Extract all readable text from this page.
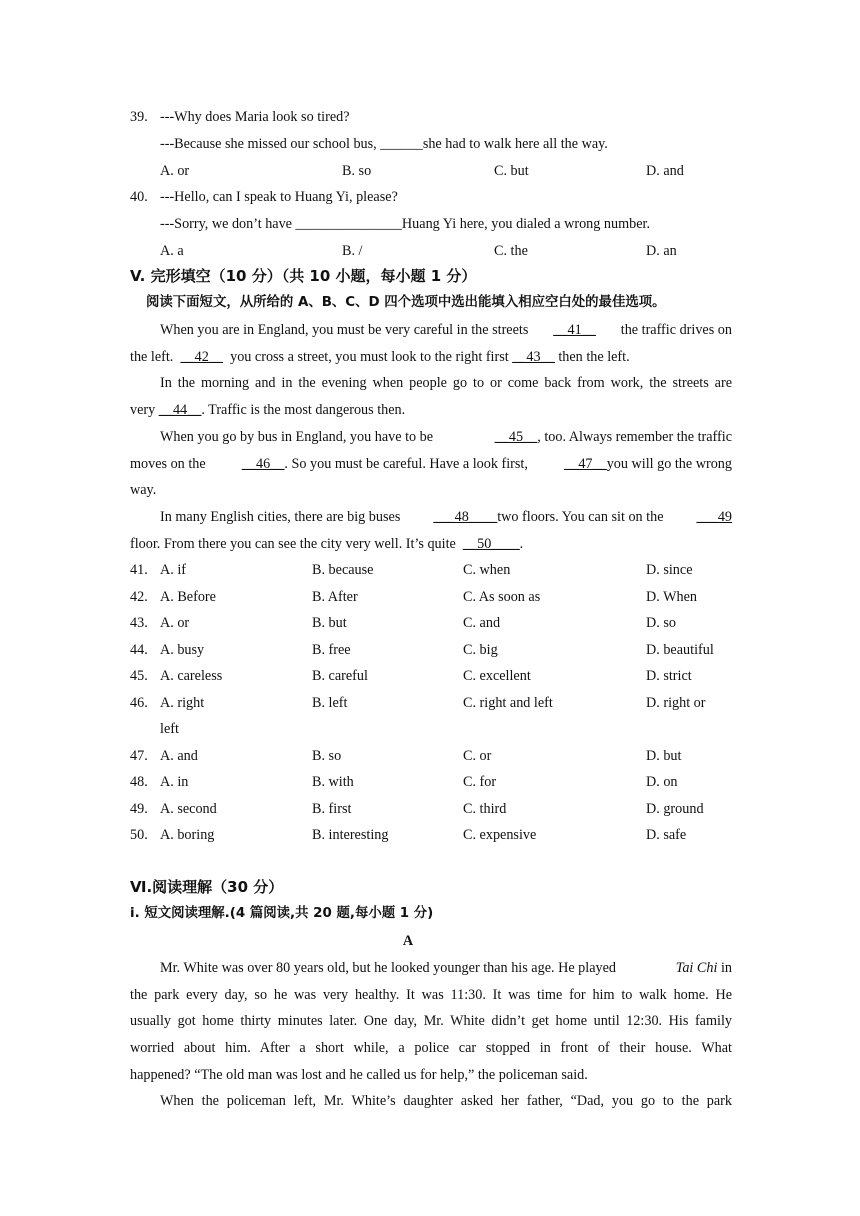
39. ---Why does Maria look so tired?
---Because she missed our school bus, ______she had to walk here all the way.
A. or	B. so	C. but	D. and
40. ---Hello, can I speak to Huang Yi, please?
---Sorry, we don’t have _______________Huang Yi here, you dialed a wrong number.
A. a	B. /	C. the	D. an
V. 完形填空（10 分）（共 10 小题，每小题 1 分）
阅读下面短文，从所给的 A、B、C、D 四个选项中选出能填入相应空白处的最佳选项。
When you are in England, you must be very careful in the streets __41__ the traffic drives on
the left. __42__ you cross a street, you must look to the right first __43__ then the left.
In the morning and in the evening when people go to or come back from work, the streets are
very __44__. Traffic is the most dangerous then.
When you go by bus in England, you have to be	__45__, too. Always remember the traffic
moves on the	__46__. So you must be careful. Have a look first,	__47__you will go the wrong
way.
In many English cities, there are big buses ___48____two floors. You can sit on the ___49
floor. From there you can see the city very well. It’s quite __50____.
41. A. if	B. because	C. when	D. since
42. A. Before	B. After	C. As soon as	D. When
43. A. or	B. but	C. and	D. so
44. A. busy	B. free	C. big	D. beautiful
45. A. careless	B. careful	C. excellent	D. strict
46. A. right	B. left	C. right and left	D. right or
left
47. A. and	B. so	C. or	D. but
48. A. in	B. with	C. for	D. on
49. A. second	B. first	C. third	D. ground
50. A. boring	B. interesting	C. expensive	D. safe
Ⅵ.阅读理解（30 分）
ⅰ. 短文阅读理解.(4 篇阅读,共 20 题,每小题 1 分)
A
Mr. White was over 80 years old, but he looked younger than his age. He played	Tai Chi in
the park every day, so he was very healthy. It was 11:30. It was time for him to walk home. He
usually got home thirty minutes later. One day, Mr. White didn’t get home until 12:30. His family
worried about him. After a short while, a police car stopped in front of their house. What
happened? “The old man was lost and he called us for help,” the policeman said.
When the policeman left, Mr. White’s daughter asked her father, “Dad, you go to the park
